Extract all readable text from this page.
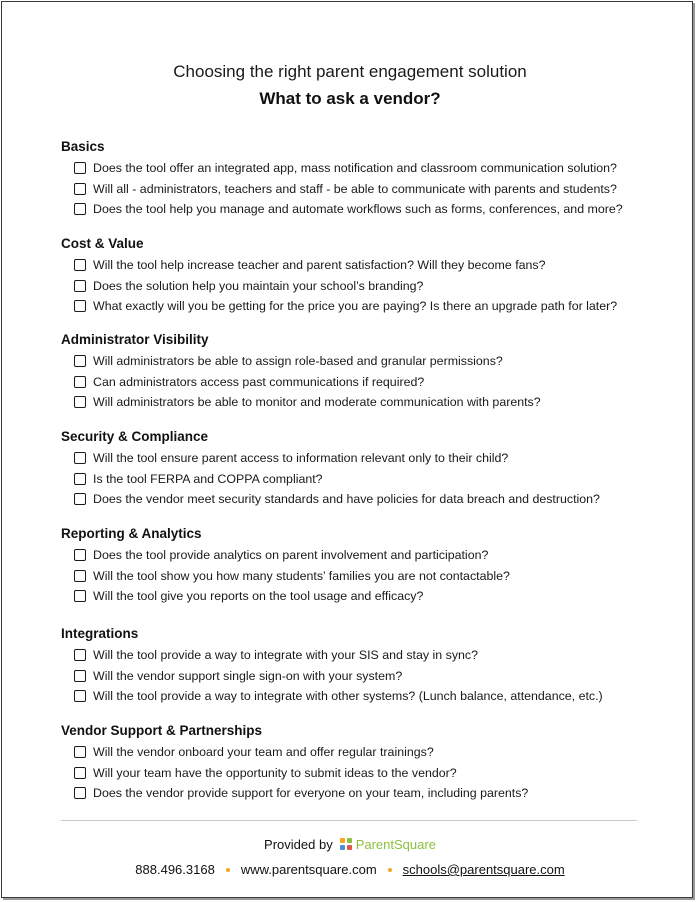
Choosing the right parent engagement solution
What to ask a vendor?
Basics
Does the tool offer an integrated app, mass notification and classroom communication solution?
Will all - administrators, teachers and staff - be able to communicate with parents and students?
Does the tool help you manage and automate workflows such as forms, conferences, and more?
Cost & Value
Will the tool help increase teacher and parent satisfaction? Will they become fans?
Does the solution help you maintain your school’s branding?
What exactly will you be getting for the price you are paying? Is there an upgrade path for later?
Administrator Visibility
Will administrators be able to assign role-based and granular permissions?
Can administrators access past communications if required?
Will administrators be able to monitor and moderate communication with parents?
Security & Compliance
Will the tool ensure parent access to information relevant only to their child?
Is the tool FERPA and COPPA compliant?
Does the vendor meet security standards and have policies for data breach and destruction?
Reporting & Analytics
Does the tool provide analytics on parent involvement and participation?
Will the tool show you how many students’ families you are not contactable?
Will the tool give you reports on the tool usage and efficacy?
Integrations
Will the tool provide a way to integrate with your SIS and stay in sync?
Will the vendor support single sign-on with your system?
Will the tool provide a way to integrate with other systems? (Lunch balance, attendance, etc.)
Vendor Support & Partnerships
Will the vendor onboard your team and offer regular trainings?
Will your team have the opportunity to submit ideas to the vendor?
Does the vendor provide support for everyone on your team, including parents?
Provided by ParentSquare
888.496.3168 www.parentsquare.com schools@parentsquare.com
